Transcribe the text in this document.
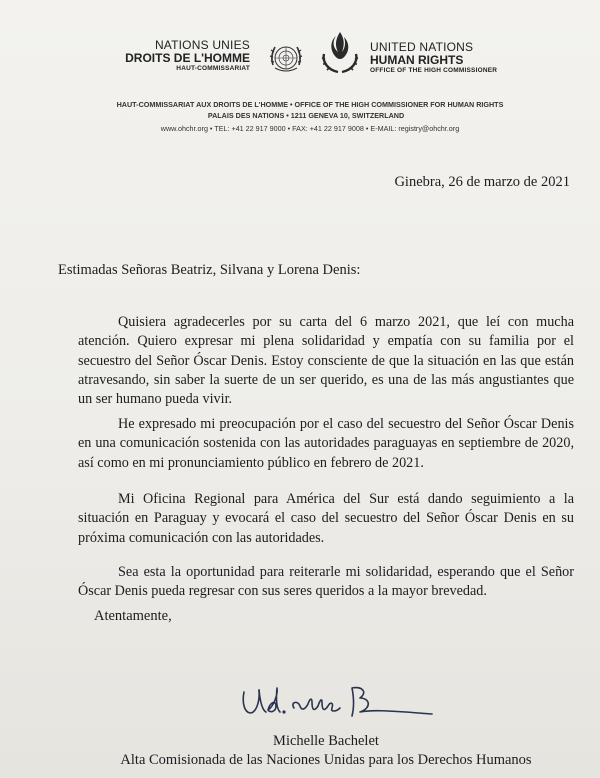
NATIONS UNIES
DROITS DE L'HOMME
HAUT-COMMISSARIAT
UNITED NATIONS
HUMAN RIGHTS
OFFICE OF THE HIGH COMMISSIONER
HAUT-COMMISSARIAT AUX DROITS DE L'HOMME • OFFICE OF THE HIGH COMMISSIONER FOR HUMAN RIGHTS
PALAIS DES NATIONS • 1211 GENEVA 10, SWITZERLAND
www.ohchr.org • TEL: +41 22 917 9000 • FAX: +41 22 917 9008 • E-MAIL: registry@ohchr.org
Ginebra, 26 de marzo de 2021
Estimadas Señoras Beatriz, Silvana y Lorena Denis:

Quisiera agradecerles por su carta del 6 marzo 2021, que leí con mucha atención. Quiero expresar mi plena solidaridad y empatía con su familia por el secuestro del Señor Óscar Denis. Estoy consciente de que la situación en las que están atravesando, sin saber la suerte de un ser querido, es una de las más angustiantes que un ser humano pueda vivir.

He expresado mi preocupación por el caso del secuestro del Señor Óscar Denis en una comunicación sostenida con las autoridades paraguayas en septiembre de 2020, así como en mi pronunciamiento público en febrero de 2021.

Mi Oficina Regional para América del Sur está dando seguimiento a la situación en Paraguay y evocará el caso del secuestro del Señor Óscar Denis en su próxima comunicación con las autoridades.

Sea esta la oportunidad para reiterarle mi solidaridad, esperando que el Señor Óscar Denis pueda regresar con sus seres queridos a la mayor brevedad.

Atentamente,
Michelle Bachelet
Alta Comisionada de las Naciones Unidas para los Derechos Humanos
